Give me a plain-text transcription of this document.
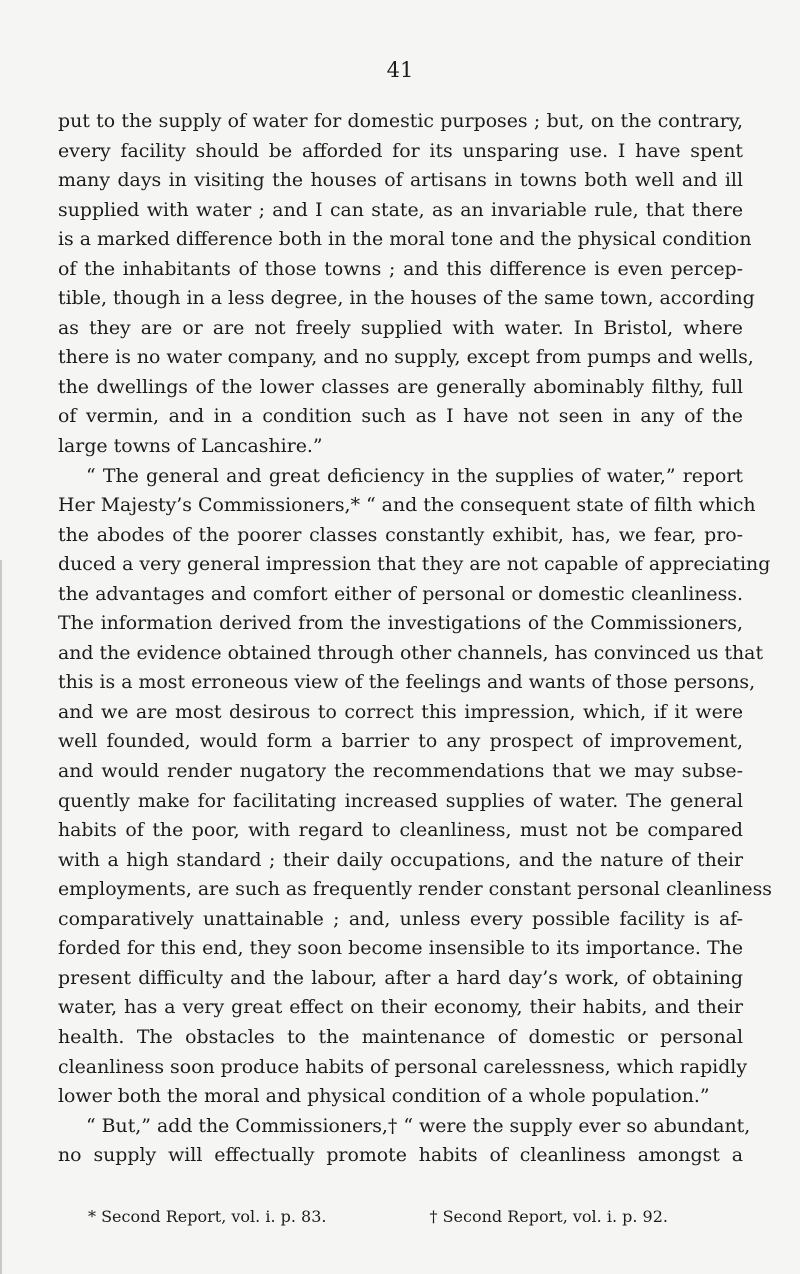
41
put to the supply of water for domestic purposes ; but, on the contrary,
every facility should be afforded for its unsparing use. I have spent
many days in visiting the houses of artisans in towns both well and ill
supplied with water ; and I can state, as an invariable rule, that there
is a marked difference both in the moral tone and the physical condition
of the inhabitants of those towns ; and this difference is even percep-
tible, though in a less degree, in the houses of the same town, according
as they are or are not freely supplied with water. In Bristol, where
there is no water company, and no supply, except from pumps and wells,
the dwellings of the lower classes are generally abominably filthy, full
of vermin, and in a condition such as I have not seen in any of the
large towns of Lancashire.”
“ The general and great deficiency in the supplies of water,” report
Her Majesty’s Commissioners,* “ and the consequent state of filth which
the abodes of the poorer classes constantly exhibit, has, we fear, pro-
duced a very general impression that they are not capable of appreciating
the advantages and comfort either of personal or domestic cleanliness.
The information derived from the investigations of the Commissioners,
and the evidence obtained through other channels, has convinced us that
this is a most erroneous view of the feelings and wants of those persons,
and we are most desirous to correct this impression, which, if it were
well founded, would form a barrier to any prospect of improvement,
and would render nugatory the recommendations that we may subse-
quently make for facilitating increased supplies of water. The general
habits of the poor, with regard to cleanliness, must not be compared
with a high standard ; their daily occupations, and the nature of their
employments, are such as frequently render constant personal cleanliness
comparatively unattainable ; and, unless every possible facility is af-
forded for this end, they soon become insensible to its importance. The
present difficulty and the labour, after a hard day’s work, of obtaining
water, has a very great effect on their economy, their habits, and their
health. The obstacles to the maintenance of domestic or personal
cleanliness soon produce habits of personal carelessness, which rapidly
lower both the moral and physical condition of a whole population.”
“ But,” add the Commissioners,† “ were the supply ever so abundant,
no supply will effectually promote habits of cleanliness amongst a
* Second Report, vol. i. p. 83.	† Second Report, vol. i. p. 92.
